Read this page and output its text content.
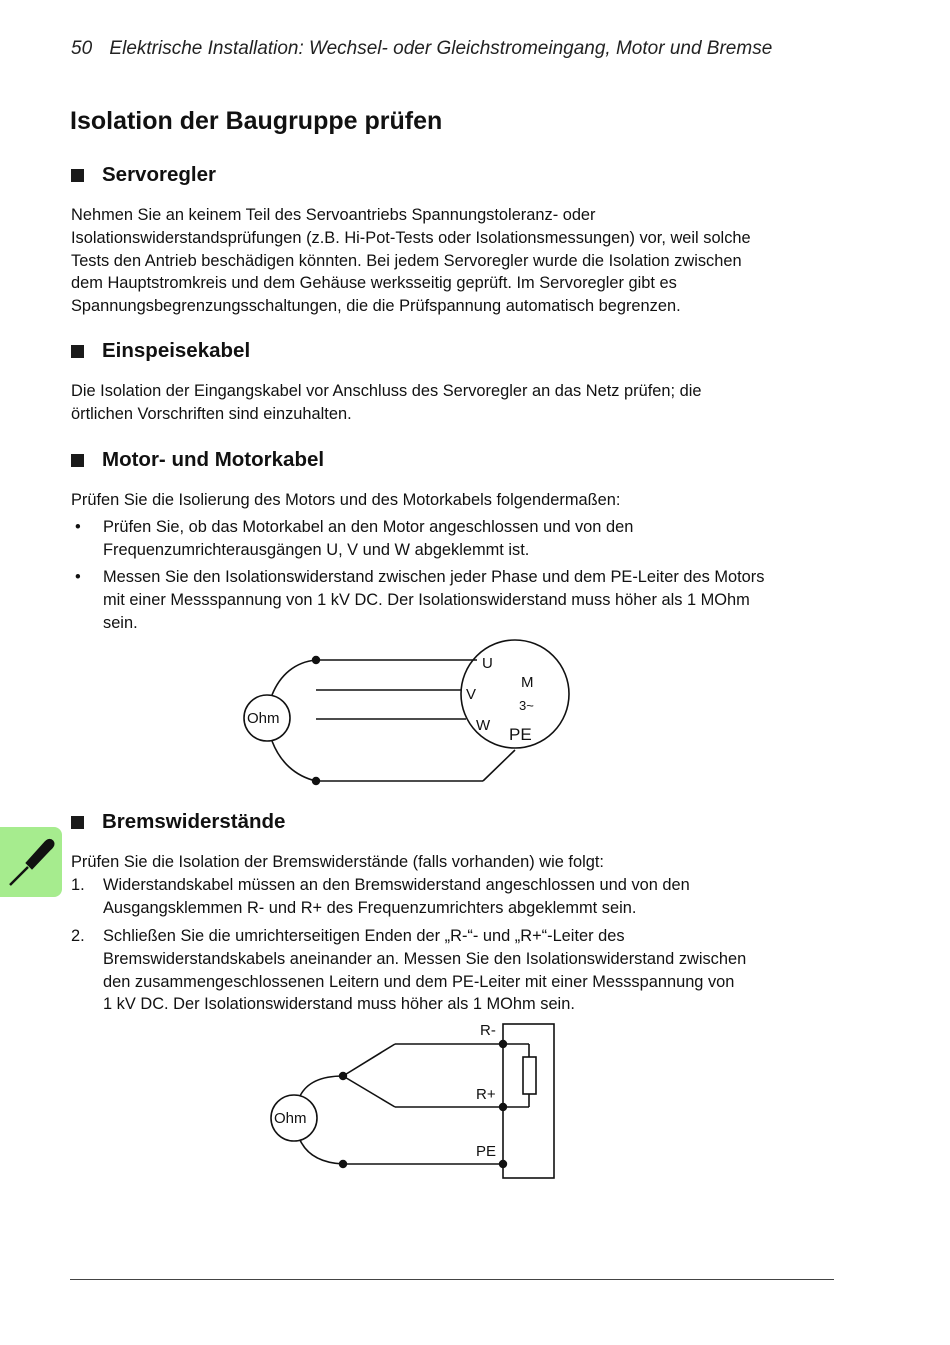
50 Elektrische Installation: Wechsel- oder Gleichstromeingang, Motor und Bremse
Isolation der Baugruppe prüfen
Servoregler
Nehmen Sie an keinem Teil des Servoantriebs Spannungstoleranz- oder
Isolationswiderstandsprüfungen (z.B. Hi-Pot-Tests oder Isolationsmessungen) vor, weil solche
Tests den Antrieb beschädigen könnten. Bei jedem Servoregler wurde die Isolation zwischen
dem Hauptstromkreis und dem Gehäuse werksseitig geprüft. Im Servoregler gibt es
Spannungsbegrenzungsschaltungen, die die Prüfspannung automatisch begrenzen.
Einspeisekabel
Die Isolation der Eingangskabel vor Anschluss des Servoregler an das Netz prüfen; die
örtlichen Vorschriften sind einzuhalten.
Motor- und Motorkabel
Prüfen Sie die Isolierung des Motors und des Motorkabels folgendermaßen:
•	Prüfen Sie, ob das Motorkabel an den Motor angeschlossen und von den
Frequenzumrichterausgängen U, V und W abgeklemmt ist.
•	Messen Sie den Isolationswiderstand zwischen jeder Phase und dem PE-Leiter des Motors
mit einer Messspannung von 1 kV DC. Der Isolationswiderstand muss höher als 1 MOhm
sein.
Ohm
U
V
W
M
3~
PE
Bremswiderstände
Prüfen Sie die Isolation der Bremswiderstände (falls vorhanden) wie folgt:
1.	Widerstandskabel müssen an den Bremswiderstand angeschlossen und von den
Ausgangsklemmen R- und R+ des Frequenzumrichters abgeklemmt sein.
2.	Schließen Sie die umrichterseitigen Enden der „R-“- und „R+“-Leiter des
Bremswiderstandskabels aneinander an. Messen Sie den Isolationswiderstand zwischen
den zusammengeschlossenen Leitern und dem PE-Leiter mit einer Messspannung von
1 kV DC. Der Isolationswiderstand muss höher als 1 MOhm sein.
Ohm
R-
R+
PE
